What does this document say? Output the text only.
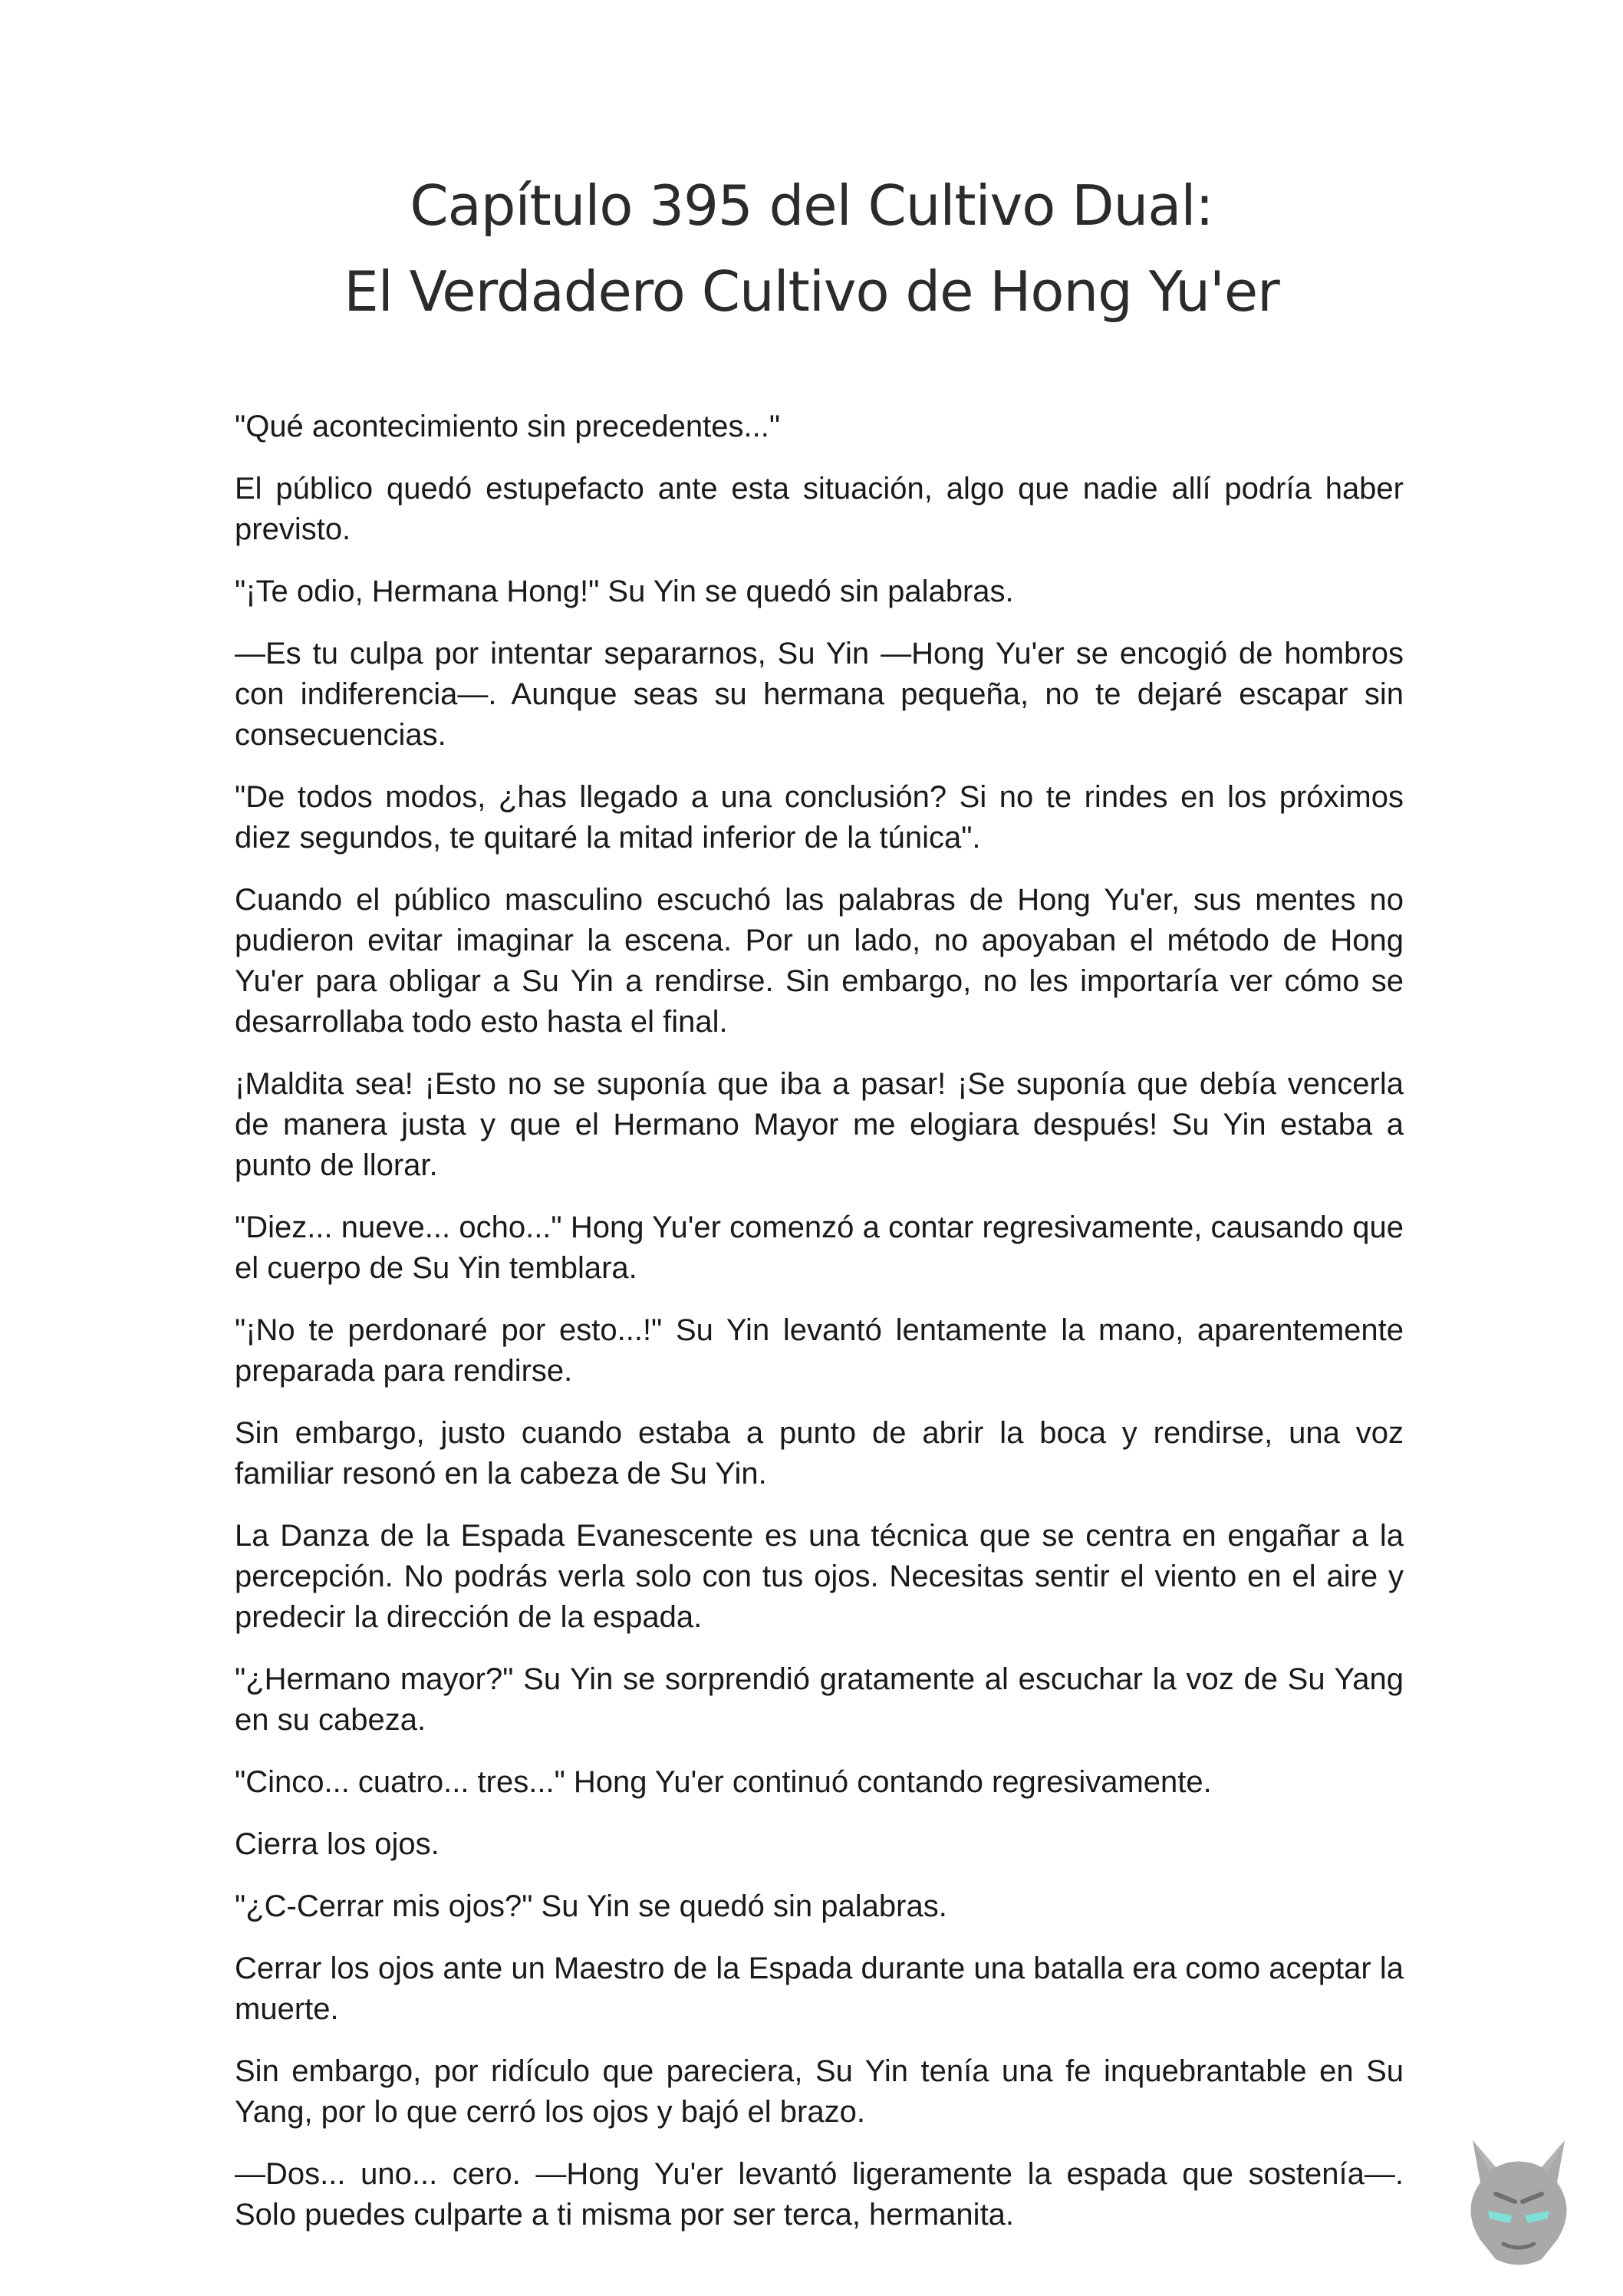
Capítulo 395 del Cultivo Dual:
El Verdadero Cultivo de Hong Yu'er

"Qué acontecimiento sin precedentes..."

El público quedó estupefacto ante esta situación, algo que nadie allí podría haber previsto.

"¡Te odio, Hermana Hong!" Su Yin se quedó sin palabras.

—Es tu culpa por intentar separarnos, Su Yin —Hong Yu'er se encogió de hombros con indiferencia—. Aunque seas su hermana pequeña, no te dejaré escapar sin consecuencias.

"De todos modos, ¿has llegado a una conclusión? Si no te rindes en los próximos diez segundos, te quitaré la mitad inferior de la túnica".

Cuando el público masculino escuchó las palabras de Hong Yu'er, sus mentes no pudieron evitar imaginar la escena. Por un lado, no apoyaban el método de Hong Yu'er para obligar a Su Yin a rendirse. Sin embargo, no les importaría ver cómo se desarrollaba todo esto hasta el final.

¡Maldita sea! ¡Esto no se suponía que iba a pasar! ¡Se suponía que debía vencerla de manera justa y que el Hermano Mayor me elogiara después! Su Yin estaba a punto de llorar.

"Diez... nueve... ocho..." Hong Yu'er comenzó a contar regresivamente, causando que el cuerpo de Su Yin temblara.

"¡No te perdonaré por esto...!" Su Yin levantó lentamente la mano, aparentemente preparada para rendirse.

Sin embargo, justo cuando estaba a punto de abrir la boca y rendirse, una voz familiar resonó en la cabeza de Su Yin.

La Danza de la Espada Evanescente es una técnica que se centra en engañar a la percepción. No podrás verla solo con tus ojos. Necesitas sentir el viento en el aire y predecir la dirección de la espada.

"¿Hermano mayor?" Su Yin se sorprendió gratamente al escuchar la voz de Su Yang en su cabeza.

"Cinco... cuatro... tres..." Hong Yu'er continuó contando regresivamente.

Cierra los ojos.

"¿C-Cerrar mis ojos?" Su Yin se quedó sin palabras.

Cerrar los ojos ante un Maestro de la Espada durante una batalla era como aceptar la muerte.

Sin embargo, por ridículo que pareciera, Su Yin tenía una fe inquebrantable en Su Yang, por lo que cerró los ojos y bajó el brazo.

—Dos... uno... cero. —Hong Yu'er levantó ligeramente la espada que sostenía—. Solo puedes culparte a ti misma por ser terca, hermanita.
